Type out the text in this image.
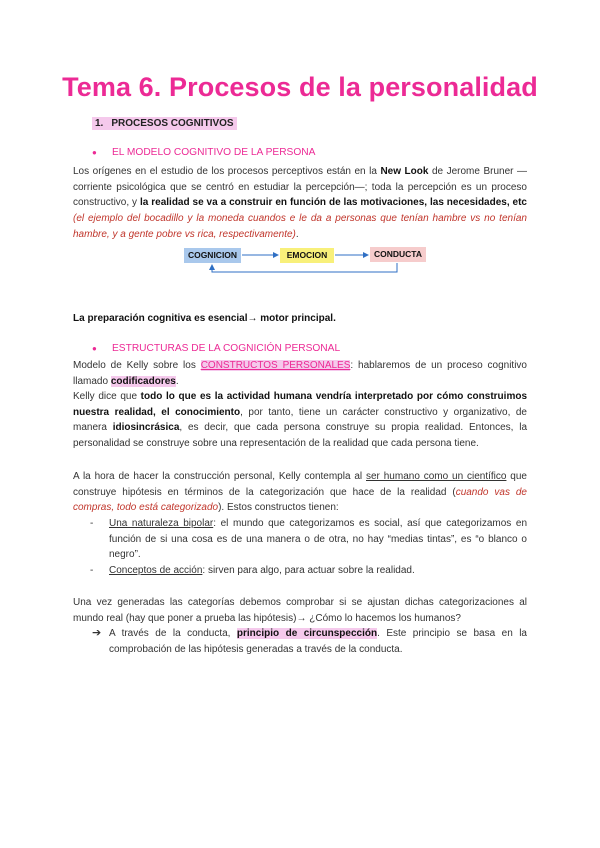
Tema 6. Procesos de la personalidad
1. PROCESOS COGNITIVOS
● EL MODELO COGNITIVO DE LA PERSONA
Los orígenes en el estudio de los procesos perceptivos están en la New Look de Jerome Bruner —corriente psicológica que se centró en estudiar la percepción—; toda la percepción es un proceso constructivo, y la realidad se va a construir en función de las motivaciones, las necesidades, etc (el ejemplo del bocadillo y la moneda cuandos e le da a personas que tenían hambre vs no tenían hambre, y a gente pobre vs rica, respectivamente).
COGNICION	EMOCION	CONDUCTA
La preparación cognitiva es esencial→ motor principal.
● ESTRUCTURAS DE LA COGNICIÓN PERSONAL
Modelo de Kelly sobre los CONSTRUCTOS PERSONALES: hablaremos de un proceso cognitivo llamado codificadores.
Kelly dice que todo lo que es la actividad humana vendría interpretado por cómo construimos nuestra realidad, el conocimiento, por tanto, tiene un carácter constructivo y organizativo, de manera idiosincrásica, es decir, que cada persona construye su propia realidad. Entonces, la personalidad se construye sobre una representación de la realidad que cada persona tiene.
A la hora de hacer la construcción personal, Kelly contempla al ser humano como un científico que construye hipótesis en términos de la categorización que hace de la realidad (cuando vas de compras, todo está categorizado). Estos constructos tienen:
- Una naturaleza bipolar: el mundo que categorizamos es social, así que categorizamos en función de si una cosa es de una manera o de otra, no hay “medias tintas”, es “o blanco o negro”.
- Conceptos de acción: sirven para algo, para actuar sobre la realidad.
Una vez generadas las categorías debemos comprobar si se ajustan dichas categorizaciones al mundo real (hay que poner a prueba las hipótesis)→ ¿Cómo lo hacemos los humanos?
➔ A través de la conducta, principio de circunspección. Este principio se basa en la comprobación de las hipótesis generadas a través de la conducta.
